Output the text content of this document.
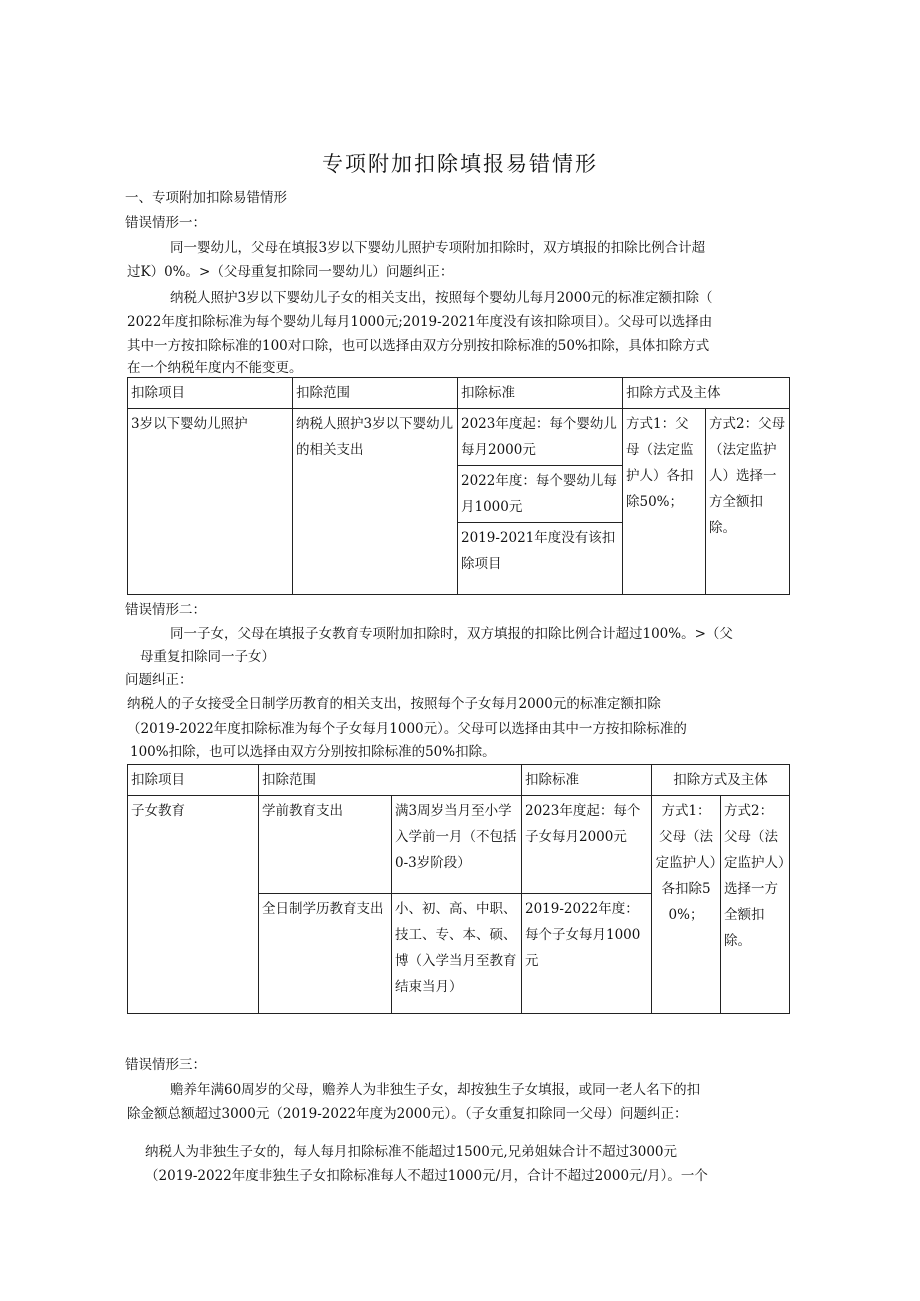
专项附加扣除填报易错情形
一、专项附加扣除易错情形
错误情形一：
同一婴幼儿，父母在填报3岁以下婴幼儿照护专项附加扣除时，双方填报的扣除比例合计超
过K）0%。>（父母重复扣除同一婴幼儿）问题纠正：
纳税人照护3岁以下婴幼儿子女的相关支出，按照每个婴幼儿每月2000元的标准定额扣除（
2022年度扣除标准为每个婴幼儿每月1000元;2019-2021年度没有该扣除项目）。父母可以选择由
其中一方按扣除标准的100对口除，也可以选择由双方分别按扣除标准的50%扣除，具体扣除方式
在一个纳税年度内不能变更。
扣除项目	扣除范围	扣除标准	扣除方式及主体	
3岁以下婴幼儿照护	纳税人照护3岁以下婴幼儿的相关支出	2023年度起：每个婴幼儿每月2000元	方式1：父母（法定监护人）各扣除50%；	方式2：父母（法定监护人）选择一方全额扣除。
		2022年度：每个婴幼儿每月1000元		
		2019-2021年度没有该扣除项目		
错误情形二：
同一子女，父母在填报子女教育专项附加扣除时，双方填报的扣除比例合计超过100%。>（父
母重复扣除同一子女）
问题纠正：
纳税人的子女接受全日制学历教育的相关支出，按照每个子女每月2000元的标准定额扣除
（2019-2022年度扣除标准为每个子女每月1000元）。父母可以选择由其中一方按扣除标准的
100%扣除，也可以选择由双方分别按扣除标准的50%扣除。
扣除项目	扣除范围		扣除标准	扣除方式及主体	
子女教育	学前教育支出	满3周岁当月至小学入学前一月（不包括0-3岁阶段）	2023年度起：每个子女每月2000元	方式1：父母（法定监护人）各扣除50%；	方式2：父母（法定监护人）选择一方全额扣除。
	全日制学历教育支出	小、初、高、中职、技工、专、本、硕、博（入学当月至教育结束当月）	2019-2022年度：每个子女每月1000元		
错误情形三：
赡养年满60周岁的父母，赡养人为非独生子女，却按独生子女填报，或同一老人名下的扣
除金额总额超过3000元（2019-2022年度为2000元）。（子女重复扣除同一父母）问题纠正：
纳税人为非独生子女的，每人每月扣除标准不能超过1500元,兄弟姐妹合计不超过3000元
（2019-2022年度非独生子女扣除标准每人不超过1000元/月，合计不超过2000元/月）。一个
